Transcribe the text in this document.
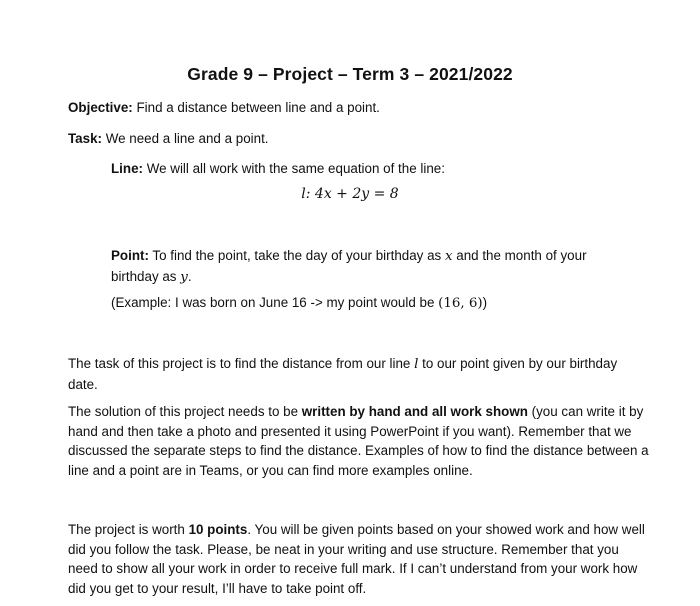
Grade 9 – Project – Term 3 – 2021/2022
Objective: Find a distance between line and a point.
Task: We need a line and a point.
Line: We will all work with the same equation of the line:
l: 4x + 2y = 8
Point: To find the point, take the day of your birthday as x and the month of your birthday as y.
(Example: I was born on June 16 -> my point would be (16, 6))
The task of this project is to find the distance from our line l to our point given by our birthday date.
The solution of this project needs to be written by hand and all work shown (you can write it by hand and then take a photo and presented it using PowerPoint if you want). Remember that we discussed the separate steps to find the distance. Examples of how to find the distance between a line and a point are in Teams, or you can find more examples online.
The project is worth 10 points. You will be given points based on your showed work and how well did you follow the task. Please, be neat in your writing and use structure. Remember that you need to show all your work in order to receive full mark. If I can’t understand from your work how did you get to your result, I’ll have to take point off.
